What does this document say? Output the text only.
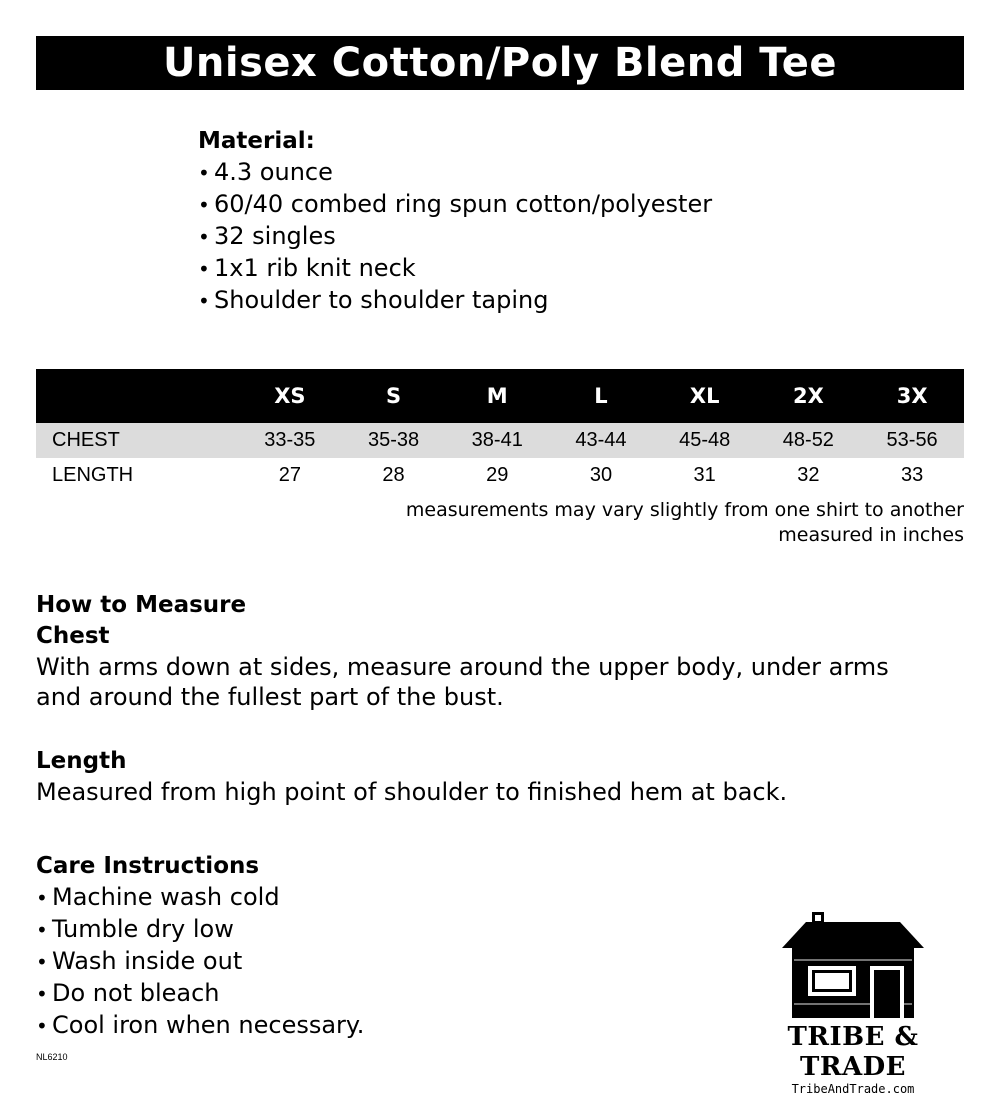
Unisex Cotton/Poly Blend Tee
Material:
• 4.3 ounce
• 60/40 combed ring spun cotton/polyester
• 32 singles
• 1x1 rib knit neck
• Shoulder to shoulder taping
	XS	S	M	L	XL	2X	3X
CHEST	33-35	35-38	38-41	43-44	45-48	48-52	53-56
LENGTH	27	28	29	30	31	32	33
measurements may vary slightly from one shirt to another
measured in inches
How to Measure
Chest

With arms down at sides, measure around the upper body, under arms

and around the fullest part of the bust.

Length

Measured from high point of shoulder to finished hem at back.

Care Instructions
• Machine wash cold
• Tumble dry low
• Wash inside out
• Do not bleach
• Cool iron when necessary.
NL6210
TRIBE & TRADE
TribeAndTrade.com
